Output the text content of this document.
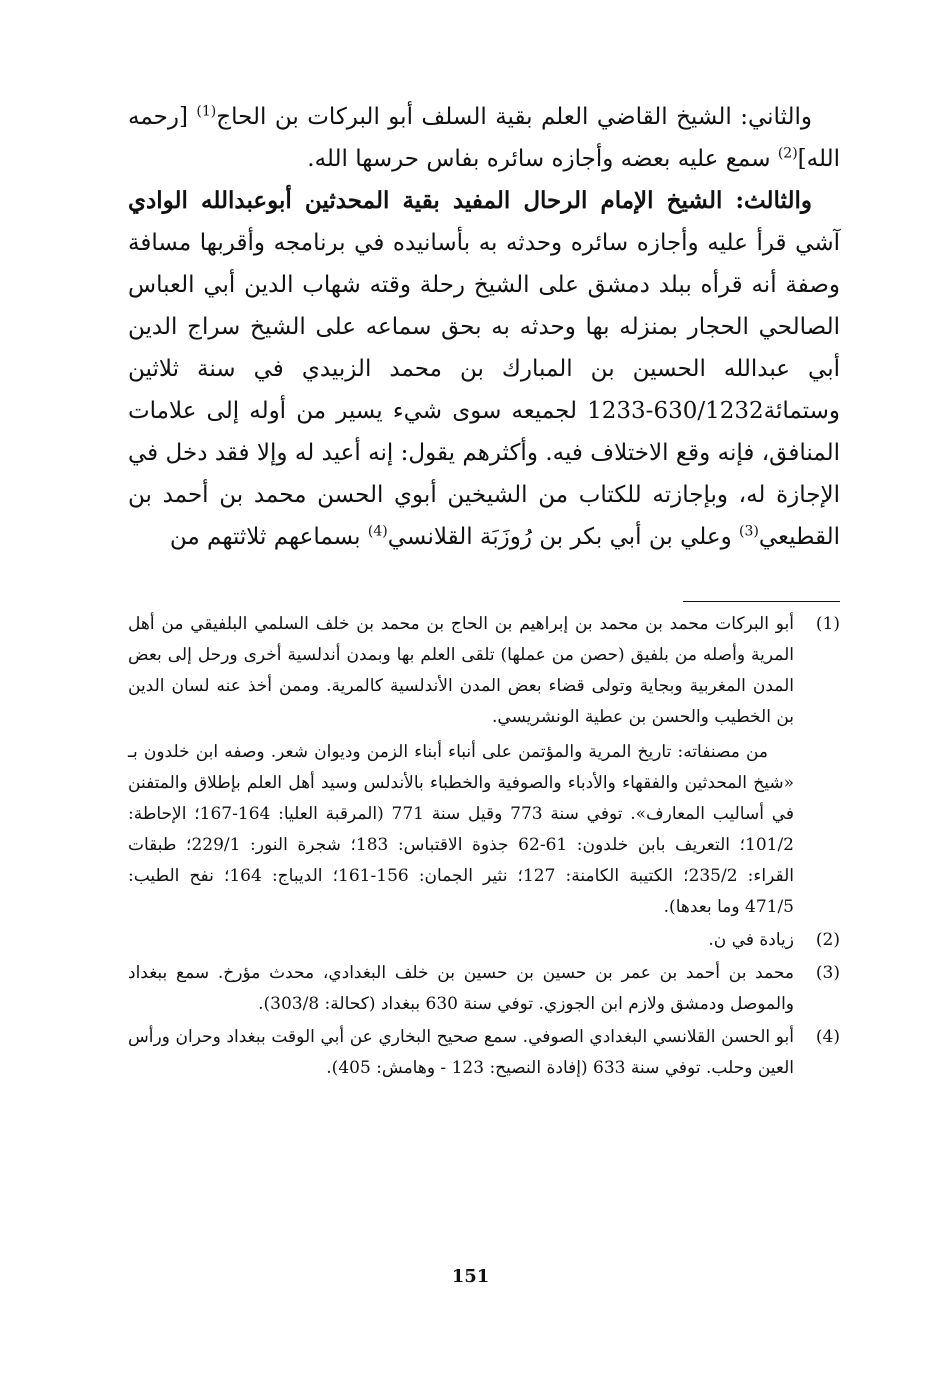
والثاني: الشيخ القاضي العلم بقية السلف أبو البركات بن الحاج$^{(1)}$ [رحمه الله]$^{(2)}$ سمع عليه بعضه وأجازه سائره بفاس حرسها الله.

والثالث: الشيخ الإمام الرحال المفيد بقية المحدثين أبوعبدالله الوادي آشي قرأ عليه وأجازه سائره وحدثه به بأسانيده في برنامجه وأقربها مسافة وصفة أنه قرأه ببلد دمشق على الشيخ رحلة وقته شهاب الدين أبي العباس الصالحي الحجار بمنزله بها وحدثه به بحق سماعه على الشيخ سراج الدين أبي عبدالله الحسين بن المبارك بن محمد الزبيدي في سنة ثلاثين وستمائة630/1232-1233 لجميعه سوى شيء يسير من أوله إلى علامات المنافق، فإنه وقع الاختلاف فيه. وأكثرهم يقول: إنه أعيد له وإلا فقد دخل في الإجازة له، وبإجازته للكتاب من الشيخين أبوي الحسن محمد بن أحمد بن القطيعي$^{(3)}$ وعلي بن أبي بكر بن رُوزَبَة القلانسي$^{(4)}$ بسماعهم ثلاثتهم من

(1)

أبو البركات محمد بن محمد بن إبراهيم بن الحاج بن محمد بن خلف السلمي البلفيقي من أهل المرية وأصله من بلفيق (حصن من عملها) تلقى العلم بها وبمدن أندلسية أخرى ورحل إلى بعض المدن المغربية وبجاية وتولى قضاء بعض المدن الأندلسية كالمرية. وممن أخذ عنه لسان الدين بن الخطيب والحسن بن عطية الونشريسي.

من مصنفاته: تاريخ المرية والمؤتمن على أنباء أبناء الزمن وديوان شعر. وصفه ابن خلدون بـ «شيخ المحدثين والفقهاء والأدباء والصوفية والخطباء بالأندلس وسيد أهل العلم بإطلاق والمتفنن في أساليب المعارف». توفي سنة 773 وقيل سنة 771 (المرقبة العليا: 164-167؛ الإحاطة: 101/2؛ التعريف بابن خلدون: 61-62 جذوة الاقتباس: 183؛ شجرة النور: 229/1؛ طبقات القراء: 235/2؛ الكتيبة الكامنة: 127؛ نثير الجمان: 156-161؛ الديباج: 164؛ نفح الطيب: 471/5 وما بعدها).

(2)

زيادة في ن.

(3)

محمد بن أحمد بن عمر بن حسين بن حسين بن خلف البغدادي، محدث مؤرخ. سمع ببغداد والموصل ودمشق ولازم ابن الجوزي. توفي سنة 630 ببغداد (كحالة: 303/8).

(4)

أبو الحسن القلانسي البغدادي الصوفي. سمع صحيح البخاري عن أبي الوقت ببغداد وحران ورأس العين وحلب. توفي سنة 633 (إفادة النصيح: 123 - وهامش: 405).

151
